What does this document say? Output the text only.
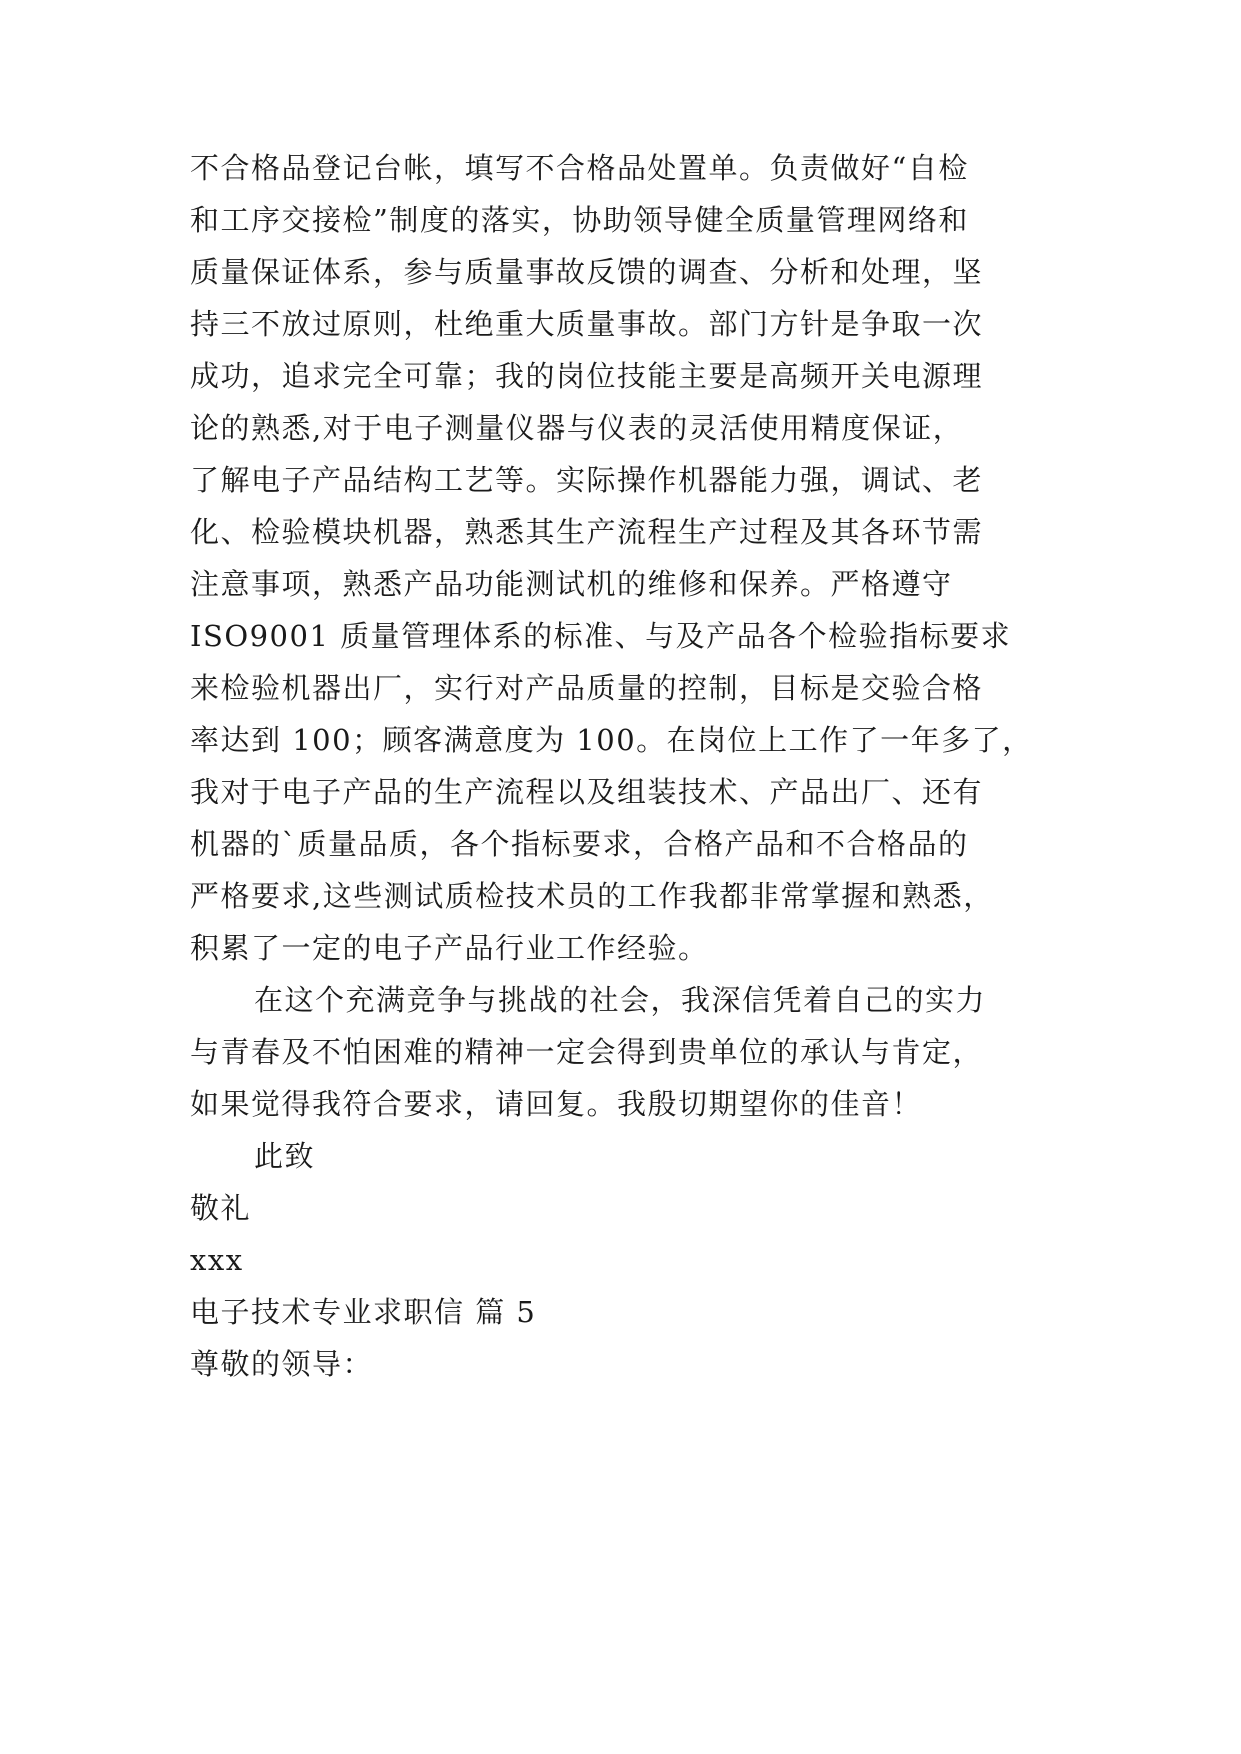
不合格品登记台帐，填写不合格品处置单。负责做好“自检
和工序交接检”制度的落实，协助领导健全质量管理网络和
质量保证体系，参与质量事故反馈的调查、分析和处理，坚
持三不放过原则，杜绝重大质量事故。部门方针是争取一次
成功，追求完全可靠；我的岗位技能主要是高频开关电源理
论的熟悉,对于电子测量仪器与仪表的灵活使用精度保证，
了解电子产品结构工艺等。实际操作机器能力强，调试、老
化、检验模块机器，熟悉其生产流程生产过程及其各环节需
注意事项，熟悉产品功能测试机的维修和保养。严格遵守
ISO9001 质量管理体系的标准、与及产品各个检验指标要求
来检验机器出厂，实行对产品质量的控制，目标是交验合格
率达到 100；顾客满意度为 100。在岗位上工作了一年多了，
我对于电子产品的生产流程以及组装技术、产品出厂、还有
机器的`质量品质，各个指标要求，合格产品和不合格品的
严格要求,这些测试质检技术员的工作我都非常掌握和熟悉，
积累了一定的电子产品行业工作经验。
在这个充满竞争与挑战的社会，我深信凭着自己的实力
与青春及不怕困难的精神一定会得到贵单位的承认与肯定，
如果觉得我符合要求，请回复。我殷切期望你的佳音！
此致
敬礼
xxx
电子技术专业求职信 篇 5
尊敬的领导：
